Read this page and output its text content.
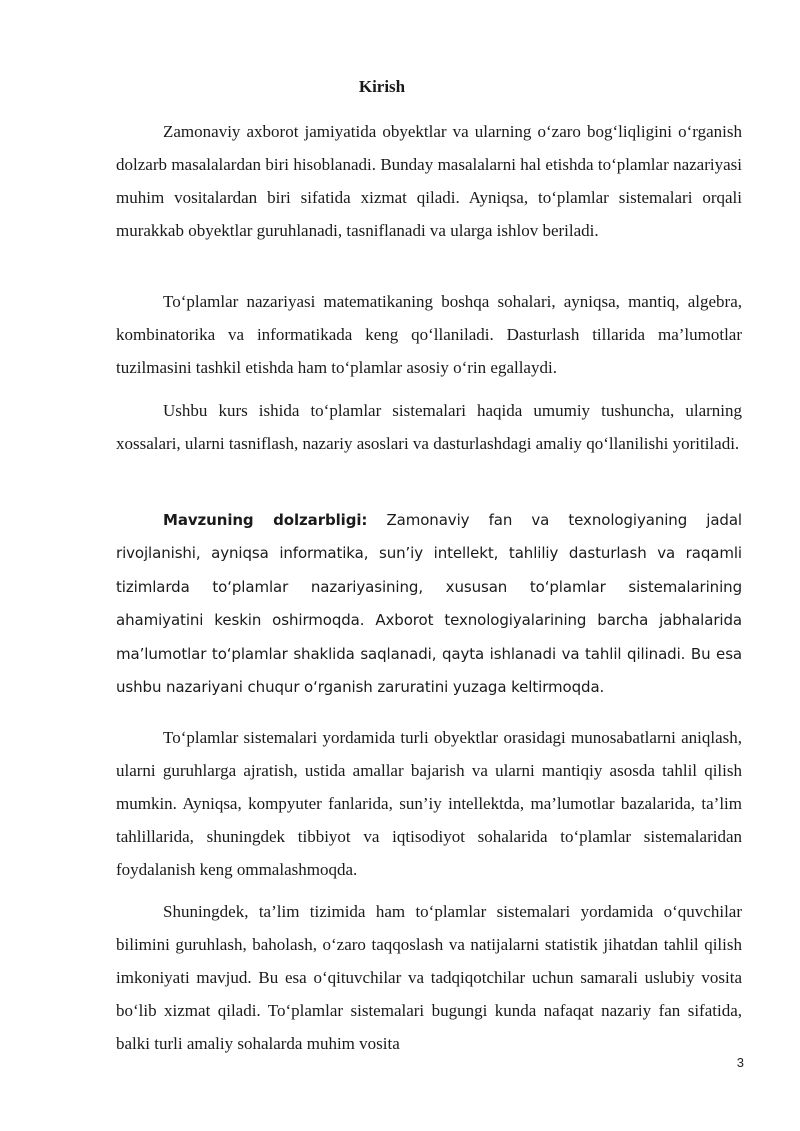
Kirish

Zamonaviy axborot jamiyatida obyektlar va ularning o‘zaro bog‘liqligini o‘rganish dolzarb masalalardan biri hisoblanadi. Bunday masalalarni hal etishda to‘plamlar nazariyasi muhim vositalardan biri sifatida xizmat qiladi. Ayniqsa, to‘plamlar sistemalari orqali murakkab obyektlar guruhlanadi, tasniflanadi va ularga ishlov beriladi.

To‘plamlar nazariyasi matematikaning boshqa sohalari, ayniqsa, mantiq, algebra, kombinatorika va informatikada keng qo‘llaniladi. Dasturlash tillarida ma’lumotlar tuzilmasini tashkil etishda ham to‘plamlar asosiy o‘rin egallaydi.

Ushbu kurs ishida to‘plamlar sistemalari haqida umumiy tushuncha, ularning xossalari, ularni tasniflash, nazariy asoslari va dasturlashdagi amaliy qo‘llanilishi yoritiladi.

Mavzuning dolzarbligi: Zamonaviy fan va texnologiyaning jadal rivojlanishi, ayniqsa informatika, sun’iy intellekt, tahliliy dasturlash va raqamli tizimlarda to‘plamlar nazariyasining, xususan to‘plamlar sistemalarining ahamiyatini keskin oshirmoqda. Axborot texnologiyalarining barcha jabhalarida ma’lumotlar to‘plamlar shaklida saqlanadi, qayta ishlanadi va tahlil qilinadi. Bu esa ushbu nazariyani chuqur o‘rganish zaruratini yuzaga keltirmoqda.

To‘plamlar sistemalari yordamida turli obyektlar orasidagi munosabatlarni aniqlash, ularni guruhlarga ajratish, ustida amallar bajarish va ularni mantiqiy asosda tahlil qilish mumkin. Ayniqsa, kompyuter fanlarida, sun’iy intellektda, ma’lumotlar bazalarida, ta’lim tahlillarida, shuningdek tibbiyot va iqtisodiyot sohalarida to‘plamlar sistemalaridan foydalanish keng ommalashmoqda.

Shuningdek, ta’lim tizimida ham to‘plamlar sistemalari yordamida o‘quvchilar bilimini guruhlash, baholash, o‘zaro taqqoslash va natijalarni statistik jihatdan tahlil qilish imkoniyati mavjud. Bu esa o‘qituvchilar va tadqiqotchilar uchun samarali uslubiy vosita bo‘lib xizmat qiladi. To‘plamlar sistemalari bugungi kunda nafaqat nazariy fan sifatida, balki turli amaliy sohalarda muhim vosita

3
